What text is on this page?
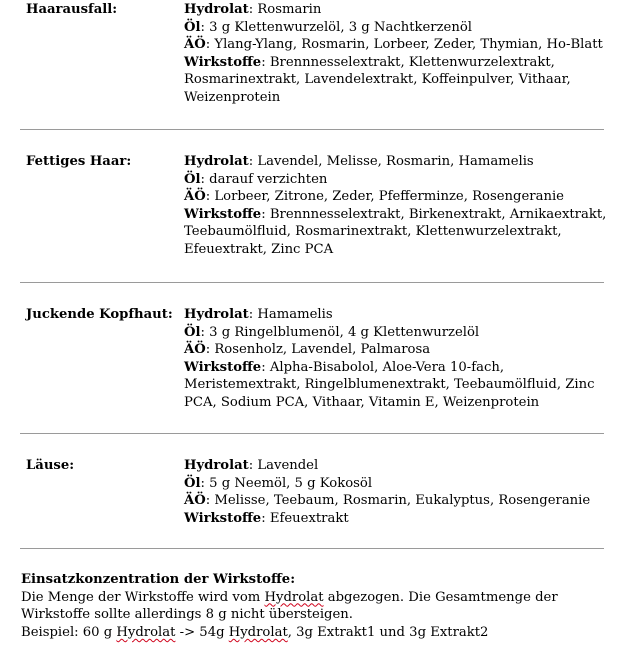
Haarausfall:	Hydrolat: Rosmarin
Öl: 3 g Klettenwurzelöl, 3 g Nachtkerzenöl
ÄÖ: Ylang-Ylang, Rosmarin, Lorbeer, Zeder, Thymian, Ho-Blatt
Wirkstoffe: Brennnesselextrakt, Klettenwurzelextrakt,
Rosmarinextrakt, Lavendelextrakt, Koffeinpulver, Vithaar,
Weizenprotein
Fettiges Haar:	Hydrolat: Lavendel, Melisse, Rosmarin, Hamamelis
Öl: darauf verzichten
ÄÖ: Lorbeer, Zitrone, Zeder, Pfefferminze, Rosengeranie
Wirkstoffe: Brennnesselextrakt, Birkenextrakt, Arnikaextrakt,
Teebaumölfluid, Rosmarinextrakt, Klettenwurzelextrakt,
Efeuextrakt, Zinc PCA
Juckende Kopfhaut: Hydrolat: Hamamelis
Öl: 3 g Ringelblumenöl, 4 g Klettenwurzelöl
ÄÖ: Rosenholz, Lavendel, Palmarosa
Wirkstoffe: Alpha-Bisabolol, Aloe-Vera 10-fach,
Meristemextrakt, Ringelblumenextrakt, Teebaumölfluid, Zinc
PCA, Sodium PCA, Vithaar, Vitamin E, Weizenprotein
Läuse:	Hydrolat: Lavendel
Öl: 5 g Neemöl, 5 g Kokosöl
ÄÖ: Melisse, Teebaum, Rosmarin, Eukalyptus, Rosengeranie
Wirkstoffe: Efeuextrakt
Einsatzkonzentration der Wirkstoffe:
Die Menge der Wirkstoffe wird vom Hydrolat abgezogen. Die Gesamtmenge der
Wirkstoffe sollte allerdings 8 g nicht übersteigen.
Beispiel: 60 g Hydrolat -> 54g Hydrolat, 3g Extrakt1 und 3g Extrakt2
